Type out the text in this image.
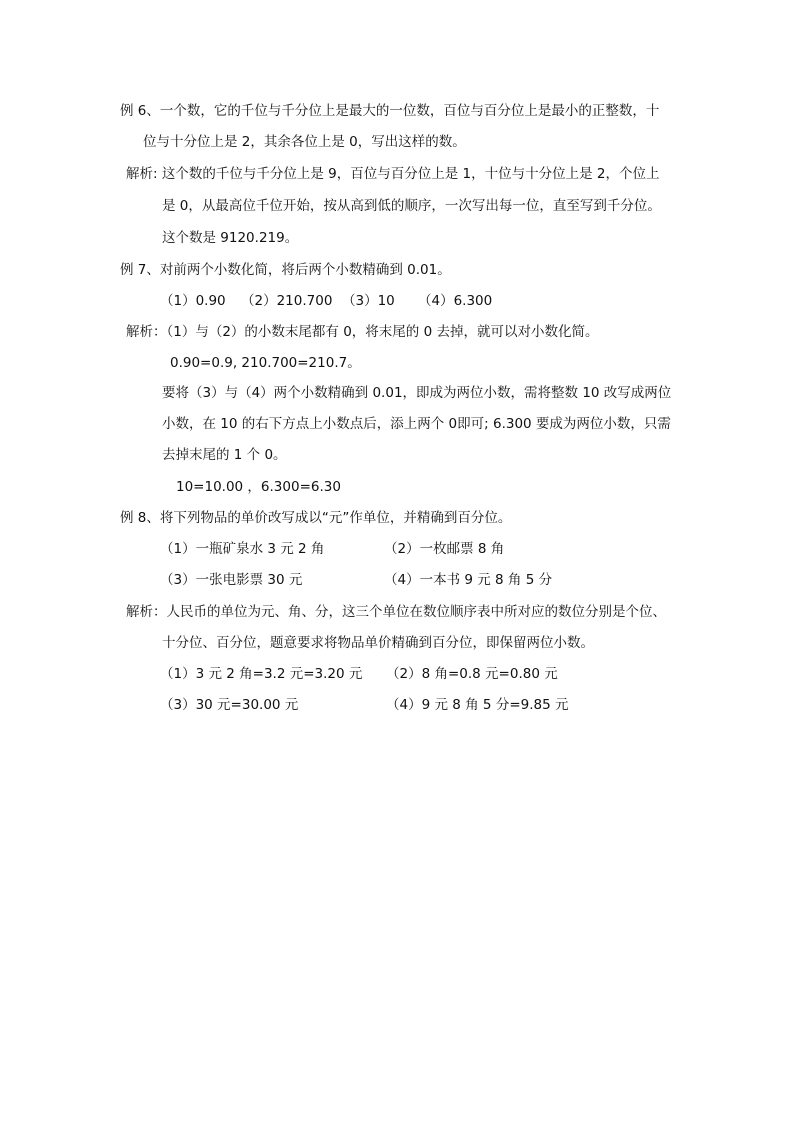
例 6、一个数，它的千位与千分位上是最大的一位数，百位与百分位上是最小的正整数，十
位与十分位上是 2，其余各位上是 0，写出这样的数。
解析: 这个数的千位与千分位上是 9，百位与百分位上是 1，十位与十分位上是 2，个位上
是 0，从最高位千位开始，按从高到低的顺序，一次写出每一位，直至写到千分位。
这个数是 9120.219。
例 7、对前两个小数化简，将后两个小数精确到 0.01。
（1）0.90 （2）210.700 （3）10 （4）6.300
解析：（1）与（2）的小数末尾都有 0，将末尾的 0 去掉，就可以对小数化简。
0.90=0.9, 210.700=210.7。
要将（3）与（4）两个小数精确到 0.01，即成为两位小数，需将整数 10 改写成两位
小数，在 10 的右下方点上小数点后，添上两个 0即可; 6.300 要成为两位小数，只需
去掉末尾的 1 个 0。
10=10.00 ，6.300=6.30
例 8、将下列物品的单价改写成以“元”作单位，并精确到百分位。
（1）一瓶矿泉水 3 元 2 角	（2）一枚邮票 8 角
（3）一张电影票 30 元	（4）一本书 9 元 8 角 5 分
解析：人民币的单位为元、角、分，这三个单位在数位顺序表中所对应的数位分别是个位、
十分位、百分位，题意要求将物品单价精确到百分位，即保留两位小数。
（1）3 元 2 角=3.2 元=3.20 元 （2）8 角=0.8 元=0.80 元
（3）30 元=30.00 元	（4）9 元 8 角 5 分=9.85 元
